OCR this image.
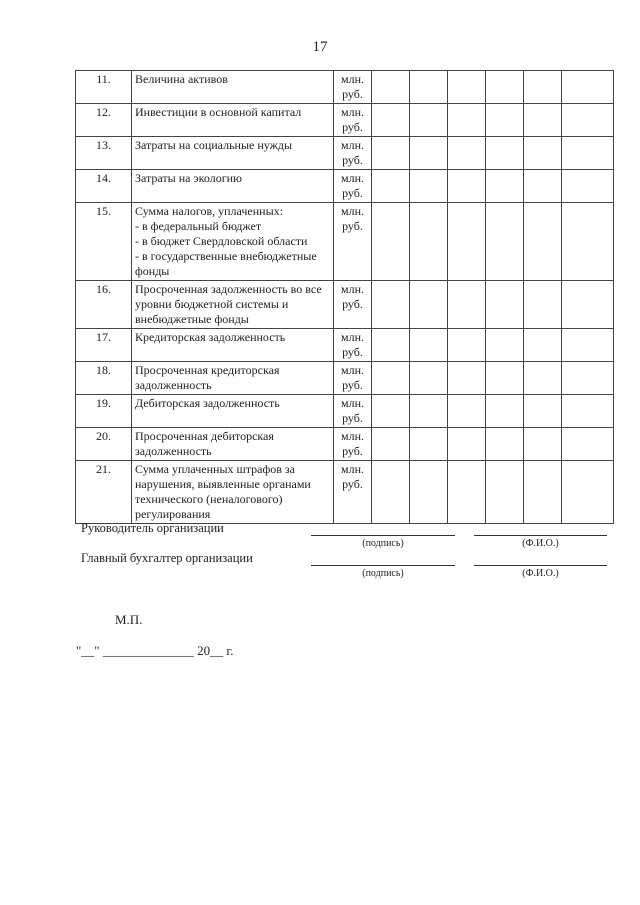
17
11.	Величина активов	млн.
руб.						
12.	Инвестиции в основной капитал	млн.
руб.						
13.	Затраты на социальные нужды	млн.
руб.						
14.	Затраты на экологию	млн.
руб.						
15.	Сумма налогов, уплаченных:
- в федеральный бюджет
- в бюджет Свердловской области
- в государственные внебюджетные фонды	млн.
руб.						
16.	Просроченная задолженность во все уровни бюджетной системы и внебюджетные фонды	млн.
руб.						
17.	Кредиторская задолженность	млн.
руб.						
18.	Просроченная кредиторская задолженность	млн.
руб.						
19.	Дебиторская задолженность	млн.
руб.						
20.	Просроченная дебиторская задолженность	млн.
руб.						
21.	Сумма уплаченных штрафов за нарушения, выявленные органами технического (неналогового) регулирования	млн.
руб.						
Руководитель организации
(подпись)	(Ф.И.О.)
Главный бухгалтер организации
(подпись)	(Ф.И.О.)
М.П.
"__" ______________ 20__ г.
